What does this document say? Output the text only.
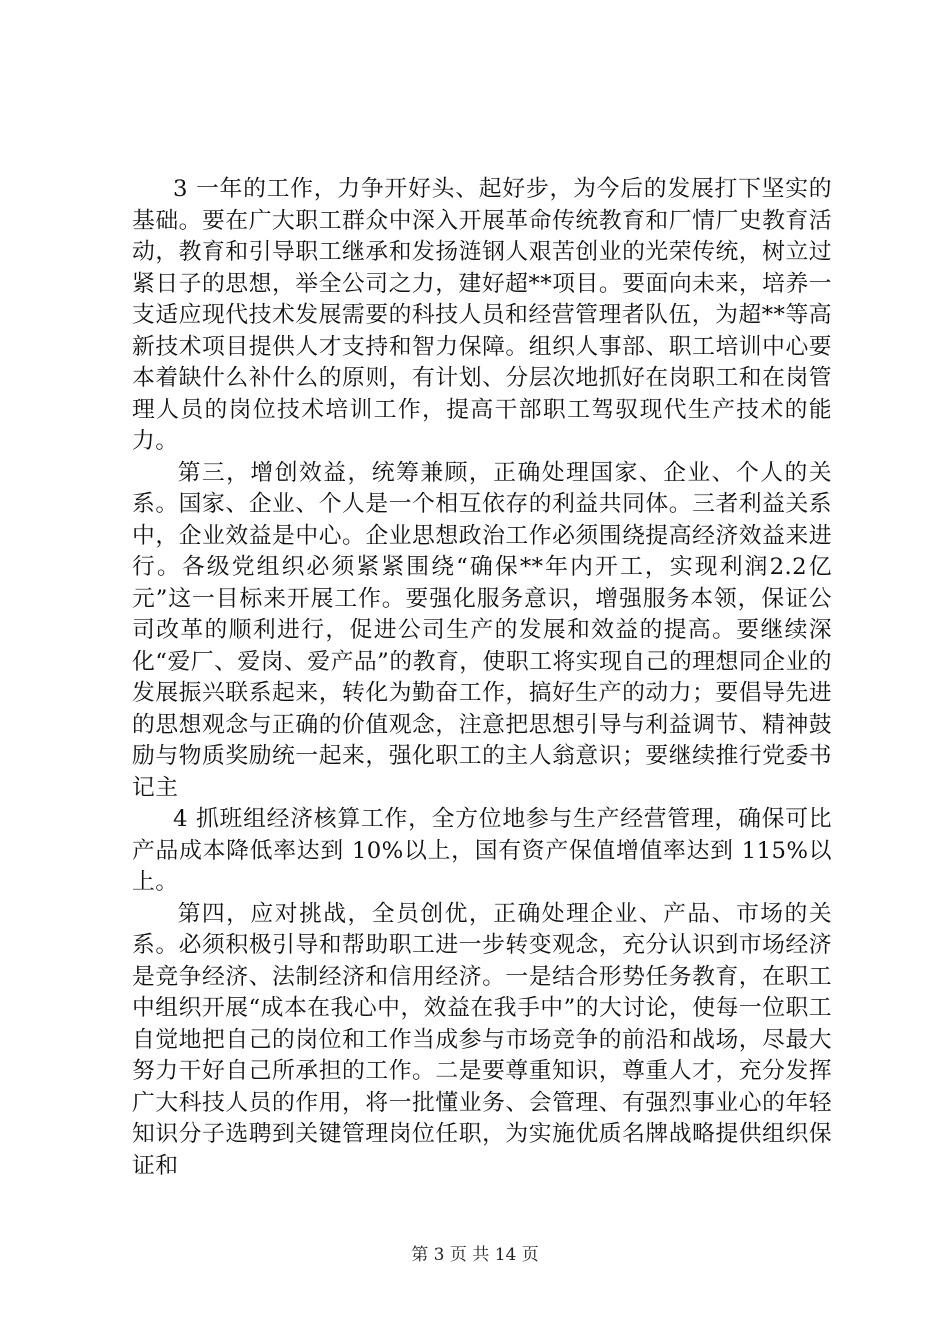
3 一年的工作，力争开好头、起好步，为今后的发展打下坚实的基础。要在广大职工群众中深入开展革命传统教育和厂情厂史教育活动，教育和引导职工继承和发扬涟钢人艰苦创业的光荣传统，树立过紧日子的思想，举全公司之力，建好超**项目。要面向未来，培养一支适应现代技术发展需要的科技人员和经营管理者队伍，为超**等高新技术项目提供人才支持和智力保障。组织人事部、职工培训中心要本着缺什么补什么的原则，有计划、分层次地抓好在岗职工和在岗管理人员的岗位技术培训工作，提高干部职工驾驭现代生产技术的能力。

第三，增创效益，统筹兼顾，正确处理国家、企业、个人的关系。国家、企业、个人是一个相互依存的利益共同体。三者利益关系中，企业效益是中心。企业思想政治工作必须围绕提高经济效益来进行。各级党组织必须紧紧围绕“确保**年内开工，实现利润2.2亿元”这一目标来开展工作。要强化服务意识，增强服务本领，保证公司改革的顺利进行，促进公司生产的发展和效益的提高。要继续深化“爱厂、爱岗、爱产品”的教育，使职工将实现自己的理想同企业的发展振兴联系起来，转化为勤奋工作，搞好生产的动力；要倡导先进的思想观念与正确的价值观念，注意把思想引导与利益调节、精神鼓励与物质奖励统一起来，强化职工的主人翁意识；要继续推行党委书记主

4 抓班组经济核算工作，全方位地参与生产经营管理，确保可比产品成本降低率达到 10%以上，国有资产保值增值率达到 115%以上。

第四，应对挑战，全员创优，正确处理企业、产品、市场的关系。必须积极引导和帮助职工进一步转变观念，充分认识到市场经济是竞争经济、法制经济和信用经济。一是结合形势任务教育，在职工中组织开展“成本在我心中，效益在我手中”的大讨论，使每一位职工自觉地把自己的岗位和工作当成参与市场竞争的前沿和战场，尽最大努力干好自己所承担的工作。二是要尊重知识，尊重人才，充分发挥广大科技人员的作用，将一批懂业务、会管理、有强烈事业心的年轻知识分子选聘到关键管理岗位任职，为实施优质名牌战略提供组织保证和

第 3 页 共 14 页
